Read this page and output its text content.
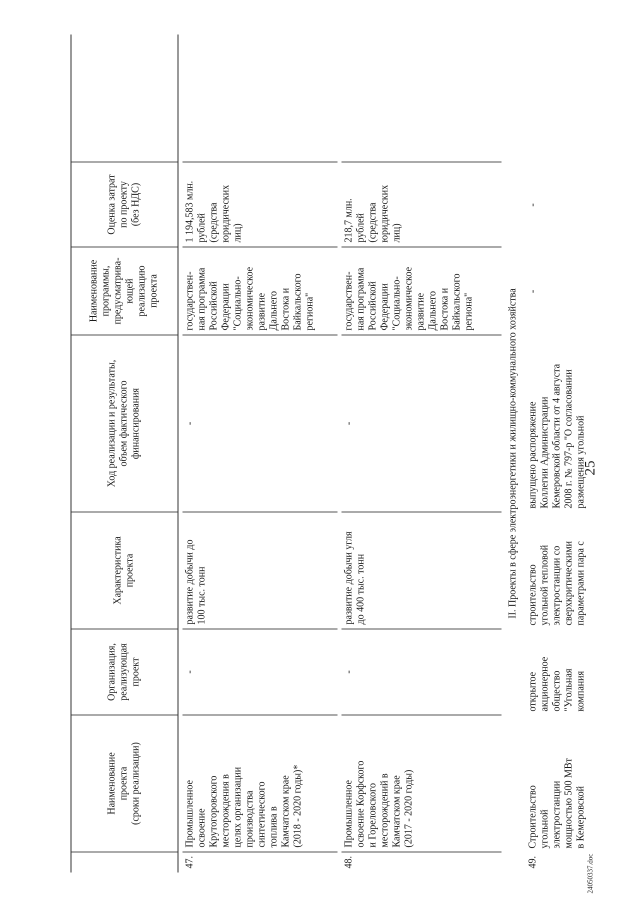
Наименование
проекта
(сроки реализации)
Организация,
реализующая
проект
Характеристика
проекта
Ход реализации и результаты,
объем фактического
финансирования
Наименование
программы,
предусматрива-
ющей
реализацию
проекта
Оценка затрат
по проекту
(без НДС)
47.
Промышленное
освоение
Крутогоровского
месторождения в
целях организации
производства
синтетического
топлива в
Камчатском крае
(2018 - 2020 годы)*
-
развитие добычи до
100 тыс. тонн
-
государствен-
ная программа
Российской
Федерации
"Социально-
экономическое
развитие
Дальнего
Востока и
Байкальского
региона"
1 194,583 млн.
рублей
(средства
юридических
лиц)
48.
Промышленное
освоение Корфского
и Гореловского
месторождений в
Камчатском крае
(2017 - 2020 годы)
-
развитие добычи угля
до 400 тыс. тонн
-
государствен-
ная программа
Российской
Федерации
"Социально-
экономическое
развитие
Дальнего
Востока и
Байкальского
региона"
218,7 млн.
рублей
(средства
юридических
лиц)
II. Проекты в сфере электроэнергетики и жилищно-коммунального хозяйства
49.
Строительство
угольной
электростанции
мощностью 500 МВт
в Кемеровской
открытое
акционерное
общество
"Угольная
компания
строительство
угольной тепловой
электростанции со
сверхкритическими
параметрами пара с
выпущено распоряжение
Коллегии Администрации
Кемеровской области от 4 августа
2008 г. № 797-р "О согласовании
размещения угольной
-
-
25
24050337.doc
